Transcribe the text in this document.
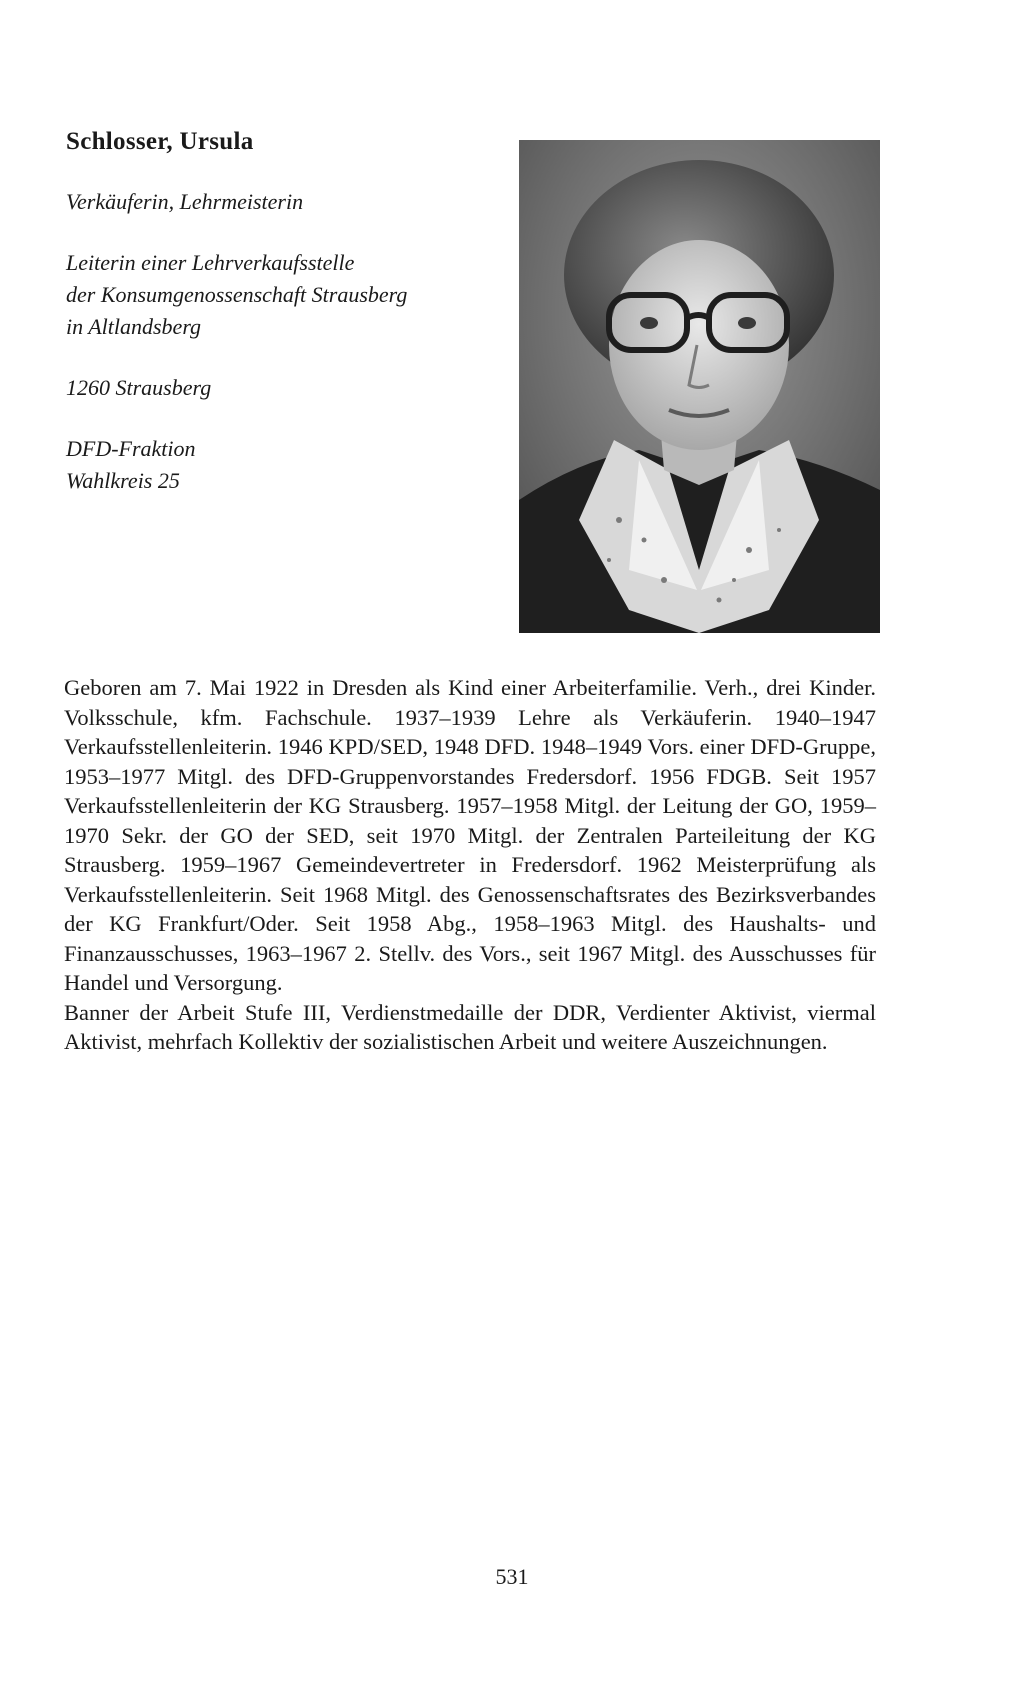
Schlosser, Ursula
Verkäuferin, Lehrmeisterin
Leiterin einer Lehrverkaufsstelle
der Konsumgenossenschaft Strausberg
in Altlandsberg
1260 Strausberg
DFD-Fraktion
Wahlkreis 25

Geboren am 7. Mai 1922 in Dresden als Kind einer Arbeiterfamilie. Verh., drei Kinder. Volksschule, kfm. Fachschule. 1937–1939 Lehre als Verkäuferin. 1940–1947 Verkaufsstellenleiterin. 1946 KPD/SED, 1948 DFD. 1948–1949 Vors. einer DFD-Gruppe, 1953–1977 Mitgl. des DFD-Gruppenvorstandes Fredersdorf. 1956 FDGB. Seit 1957 Verkaufsstellenleiterin der KG Strausberg. 1957–1958 Mitgl. der Leitung der GO, 1959–1970 Sekr. der GO der SED, seit 1970 Mitgl. der Zentralen Parteileitung der KG Strausberg. 1959–1967 Gemeindevertreter in Fredersdorf. 1962 Meisterprüfung als Verkaufsstellenleiterin. Seit 1968 Mitgl. des Genossenschaftsrates des Bezirksverbandes der KG Frankfurt/Oder. Seit 1958 Abg., 1958–1963 Mitgl. des Haushalts- und Finanzausschusses, 1963–1967 2. Stellv. des Vors., seit 1967 Mitgl. des Ausschusses für Handel und Versorgung.

Banner der Arbeit Stufe III, Verdienstmedaille der DDR, Verdienter Aktivist, viermal Aktivist, mehrfach Kollektiv der sozialistischen Arbeit und weitere Auszeichnungen.

531
